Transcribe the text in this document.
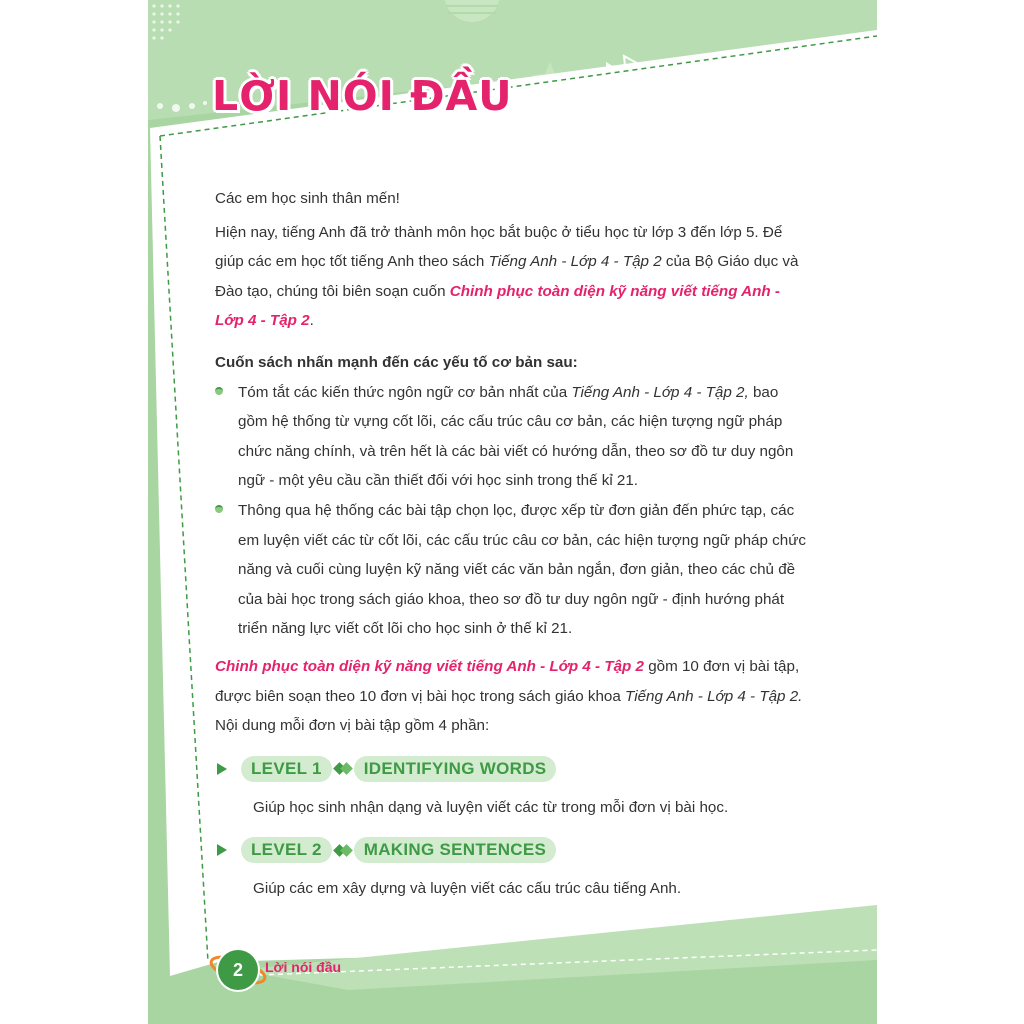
LỜI NÓI ĐẦU

Các em học sinh thân mến!

Hiện nay, tiếng Anh đã trở thành môn học bắt buộc ở tiểu học từ lớp 3 đến lớp 5. Để giúp các em học tốt tiếng Anh theo sách Tiếng Anh - Lớp 4 - Tập 2 của Bộ Giáo dục và Đào tạo, chúng tôi biên soạn cuốn Chinh phục toàn diện kỹ năng viết tiếng Anh - Lớp 4 - Tập 2.

Cuốn sách nhấn mạnh đến các yếu tố cơ bản sau:

Tóm tắt các kiến thức ngôn ngữ cơ bản nhất của Tiếng Anh - Lớp 4 - Tập 2, bao gồm hệ thống từ vựng cốt lõi, các cấu trúc câu cơ bản, các hiện tượng ngữ pháp chức năng chính, và trên hết là các bài viết có hướng dẫn, theo sơ đồ tư duy ngôn ngữ - một yêu cầu cần thiết đối với học sinh trong thế kỉ 21.
Thông qua hệ thống các bài tập chọn lọc, được xếp từ đơn giản đến phức tạp, các em luyện viết các từ cốt lõi, các cấu trúc câu cơ bản, các hiện tượng ngữ pháp chức năng và cuối cùng luyện kỹ năng viết các văn bản ngắn, đơn giản, theo các chủ đề của bài học trong sách giáo khoa, theo sơ đồ tư duy ngôn ngữ - định hướng phát triển năng lực viết cốt lõi cho học sinh ở thế kỉ 21.

Chinh phục toàn diện kỹ năng viết tiếng Anh - Lớp 4 - Tập 2 gồm 10 đơn vị bài tập, được biên soạn theo 10 đơn vị bài học trong sách giáo khoa Tiếng Anh - Lớp 4 - Tập 2. Nội dung mỗi đơn vị bài tập gồm 4 phần:

LEVEL 1	IDENTIFYING WORDS

Giúp học sinh nhận dạng và luyện viết các từ trong mỗi đơn vị bài học.

LEVEL 2	MAKING SENTENCES

Giúp các em xây dựng và luyện viết các cấu trúc câu tiếng Anh.

2	Lời nói đầu
